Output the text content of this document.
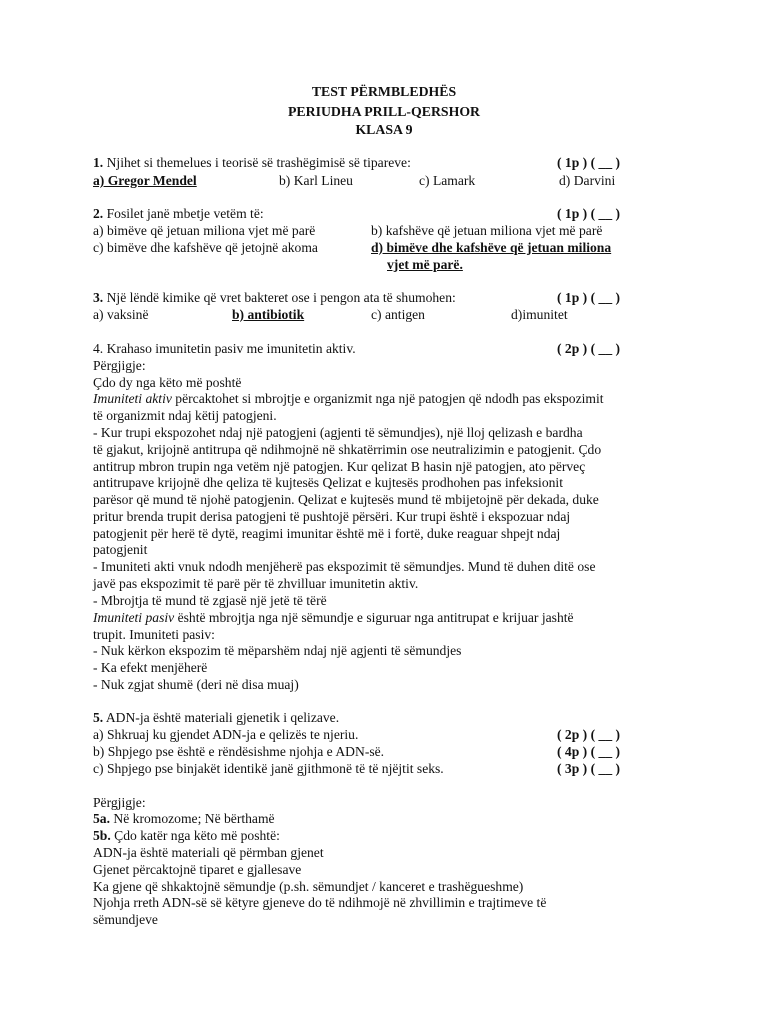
TEST PËRMBLEDHËS
PERIUDHA PRILL-QERSHOR
KLASA 9
1. Njihet si themelues i teorisë së trashëgimisë së tipareve:	( 1p ) ( __ )
a) Gregor Mendel	b) Karl Lineu	c) Lamark	d) Darvini
2. Fosilet janë mbetje vetëm të:	( 1p ) ( __ )
a) bimëve që jetuan miliona vjet më parë	b) kafshëve që jetuan miliona vjet më parë
c) bimëve dhe kafshëve që jetojnë akoma	d) bimëve dhe kafshëve që jetuan miliona
vjet më parë.
3. Një lëndë kimike që vret bakteret ose i pengon ata të shumohen:	( 1p ) ( __ )
a) vaksinë	b) antibiotik	c) antigen	d)imunitet
4. Krahaso imunitetin pasiv me imunitetin aktiv.	( 2p ) ( __ )
Përgjigje:
Çdo dy nga këto më poshtë
Imuniteti aktiv përcaktohet si mbrojtje e organizmit nga një patogjen që ndodh pas ekspozimit
të organizmit ndaj këtij patogjeni.
- Kur trupi ekspozohet ndaj një patogjeni (agjenti të sëmundjes), një lloj qelizash e bardha
të gjakut, krijojnë antitrupa që ndihmojnë në shkatërrimin ose neutralizimin e patogjenit. Çdo
antitrup mbron trupin nga vetëm një patogjen. Kur qelizat B hasin një patogjen, ato përveç
antitrupave krijojnë dhe qeliza të kujtesës Qelizat e kujtesës prodhohen pas infeksionit
parësor që mund të njohë patogjenin. Qelizat e kujtesës mund të mbijetojnë për dekada, duke
pritur brenda trupit derisa patogjeni të pushtojë përsëri. Kur trupi është i ekspozuar ndaj
patogjenit për herë të dytë, reagimi imunitar është më i fortë, duke reaguar shpejt ndaj
patogjenit
- Imuniteti akti vnuk ndodh menjëherë pas ekspozimit të sëmundjes. Mund të duhen ditë ose
javë pas ekspozimit të parë për të zhvilluar imunitetin aktiv.
- Mbrojtja të mund të zgjasë një jetë të tërë
Imuniteti pasiv është mbrojtja nga një sëmundje e siguruar nga antitrupat e krijuar jashtë
trupit. Imuniteti pasiv:
- Nuk kërkon ekspozim të mëparshëm ndaj një agjenti të sëmundjes
- Ka efekt menjëherë
- Nuk zgjat shumë (deri në disa muaj)
5. ADN-ja është materiali gjenetik i qelizave.
a) Shkruaj ku gjendet ADN-ja e qelizës te njeriu.	( 2p ) ( __ )
b) Shpjego pse është e rëndësishme njohja e ADN-së.	( 4p ) ( __ )
c) Shpjego pse binjakët identikë janë gjithmonë të të njëjtit seks.	( 3p ) ( __ )
Përgjigje:
5a. Në kromozome; Në bërthamë
5b. Çdo katër nga këto më poshtë:
ADN-ja është materiali që përmban gjenet
Gjenet përcaktojnë tiparet e gjallesave
Ka gjene që shkaktojnë sëmundje (p.sh. sëmundjet / kanceret e trashëgueshme)
Njohja rreth ADN-së së këtyre gjeneve do të ndihmojë në zhvillimin e trajtimeve të
sëmundjeve
